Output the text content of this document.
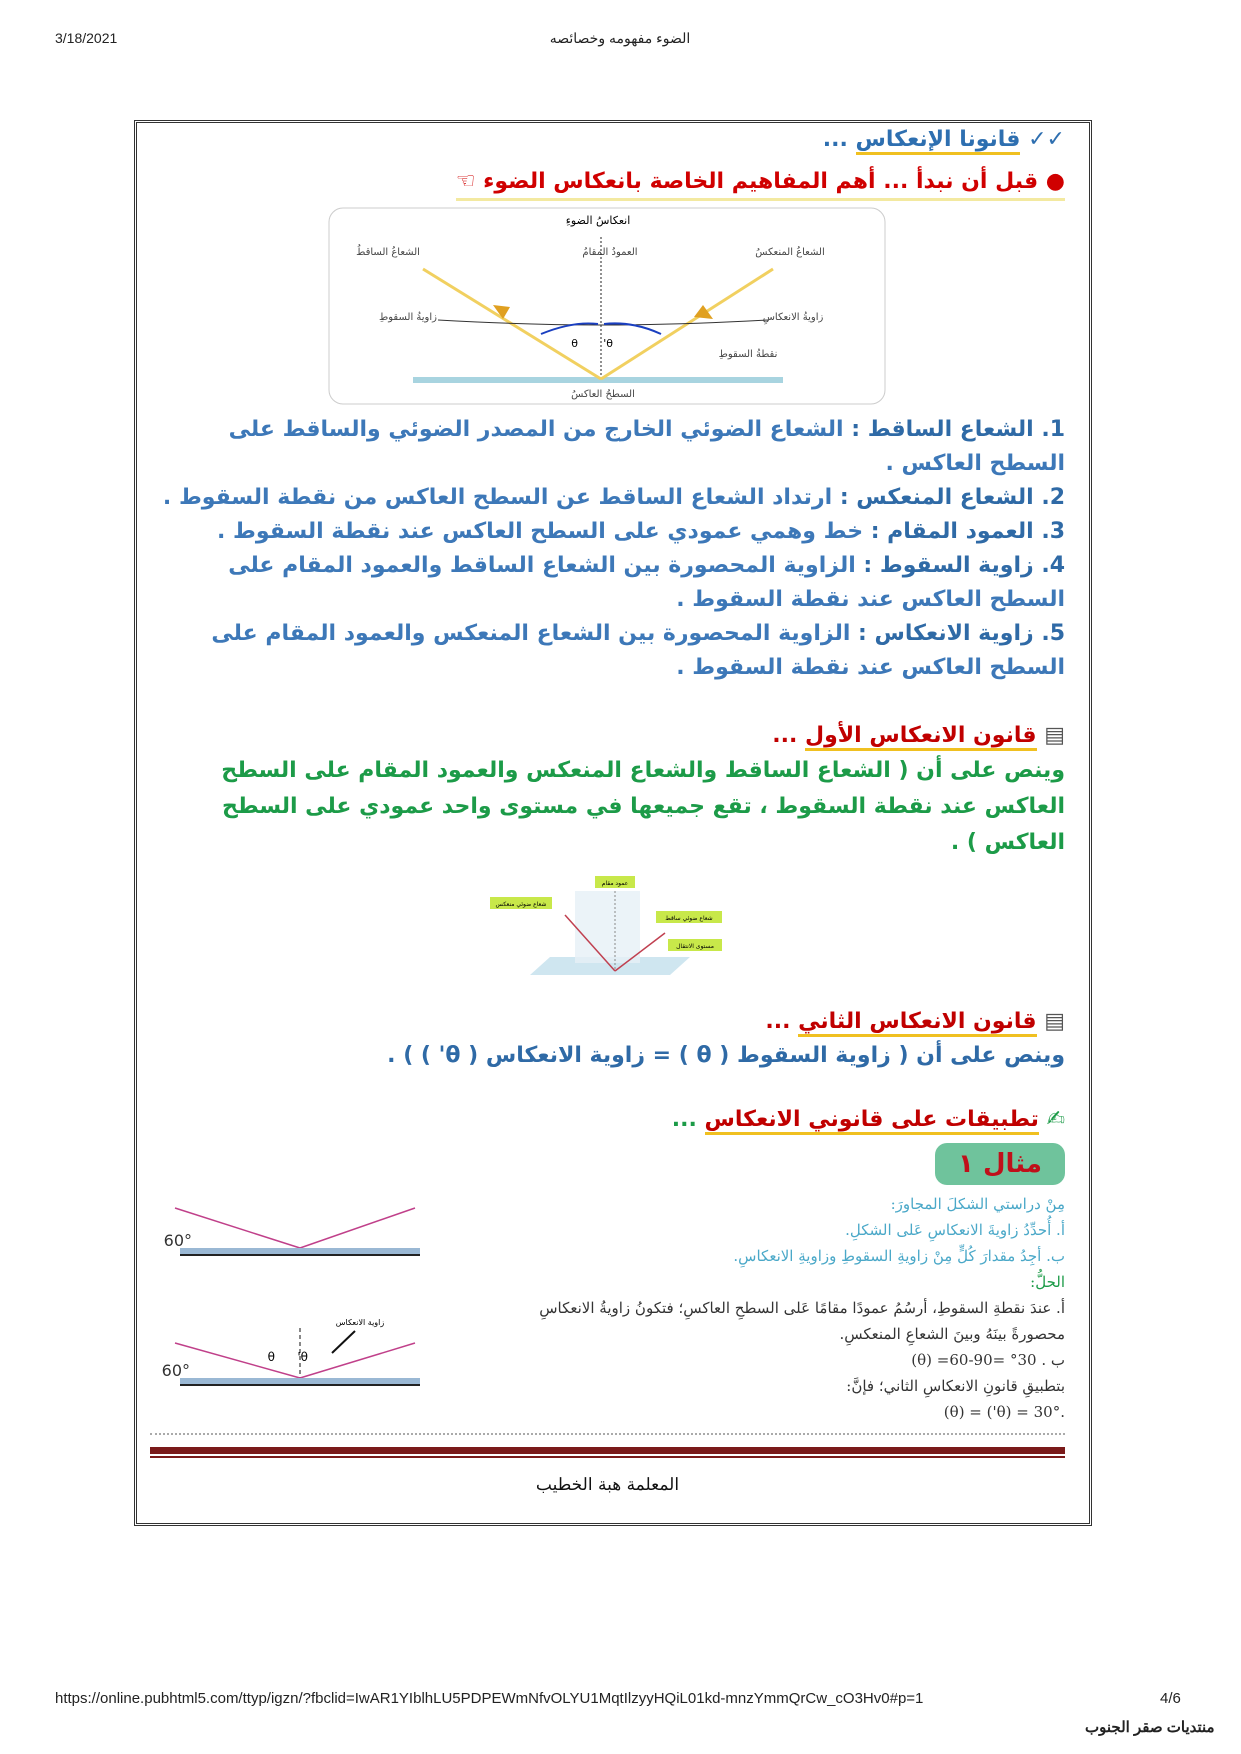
3/18/2021	الضوء مفهومه وخصائصه
✓✓ قانونا الإنعكاس ...
● قبل أن نبدأ ... أهم المفاهيم الخاصة بانعكاس الضوء ☜
انعكاسُ الضوءِ
الشعاعُ الساقطُ	العمودُ المقامُ	الشعاعُ المنعكسُ
زاويةُ السقوطِ	زاويةُ الانعكاسِ
نقطةُ السقوطِ
السطحُ العاكسُ
θ θ'
1. الشعاع الساقط : الشعاع الضوئي الخارج من المصدر الضوئي والساقط على السطح العاكس .
2. الشعاع المنعكس : ارتداد الشعاع الساقط عن السطح العاكس من نقطة السقوط .
3. العمود المقام : خط وهمي عمودي على السطح العاكس عند نقطة السقوط .
4. زاوية السقوط : الزاوية المحصورة بين الشعاع الساقط والعمود المقام على السطح العاكس عند نقطة السقوط .
5. زاوية الانعكاس : الزاوية المحصورة بين الشعاع المنعكس والعمود المقام على السطح العاكس عند نقطة السقوط .
▤ قانون الانعكاس الأول ...
وينص على أن ( الشعاع الساقط والشعاع المنعكس والعمود المقام على السطح العاكس عند نقطة السقوط ، تقع جميعها في مستوى واحد عمودي على السطح العاكس ) .
عمود مقام
شعاع ضوئي منعكس
شعاع ضوئي ساقط
مستوى الانتقال
▤ قانون الانعكاس الثاني ...
وينص على أن ( زاوية السقوط ( θ ) = زاوية الانعكاس ( θ' ) ) .
✍ تطبيقات على قانوني الانعكاس ...
مثال ١
مِنْ دراستي الشكلَ المجاورَ:
أ. أُحدِّدُ زاويةَ الانعكاسِ عَلى الشكلِ.
ب. أجِدُ مقدارَ كُلٍّ مِنْ زاويةِ السقوطِ وزاويةِ الانعكاسِ.
الحلُّ:
أ. عندَ نقطةِ السقوطِ، أرسُمُ عمودًا مقامًا عَلى السطحِ العاكسِ؛ فتكونُ زاويةُ الانعكاسِ
محصورةً بينَهُ وبينَ الشعاعِ المنعكسِ.
ب . 30° =90-60= (θ)
بتطبيقِ قانونِ الانعكاسِ الثاني؛ فإنَّ:
.30° = (θ') = (θ)
60°
زاوية الانعكاس
60°
θ θ'
المعلمة هبة الخطيب
https://online.pubhtml5.com/ttyp/igzn/?fbclid=IwAR1YIblhLU5PDPEWmNfvOLYU1MqtIlzyyHQiL01kd-mnzYmmQrCw_cO3Hv0#p=1	4/6
منتديات صقر الجنوب
